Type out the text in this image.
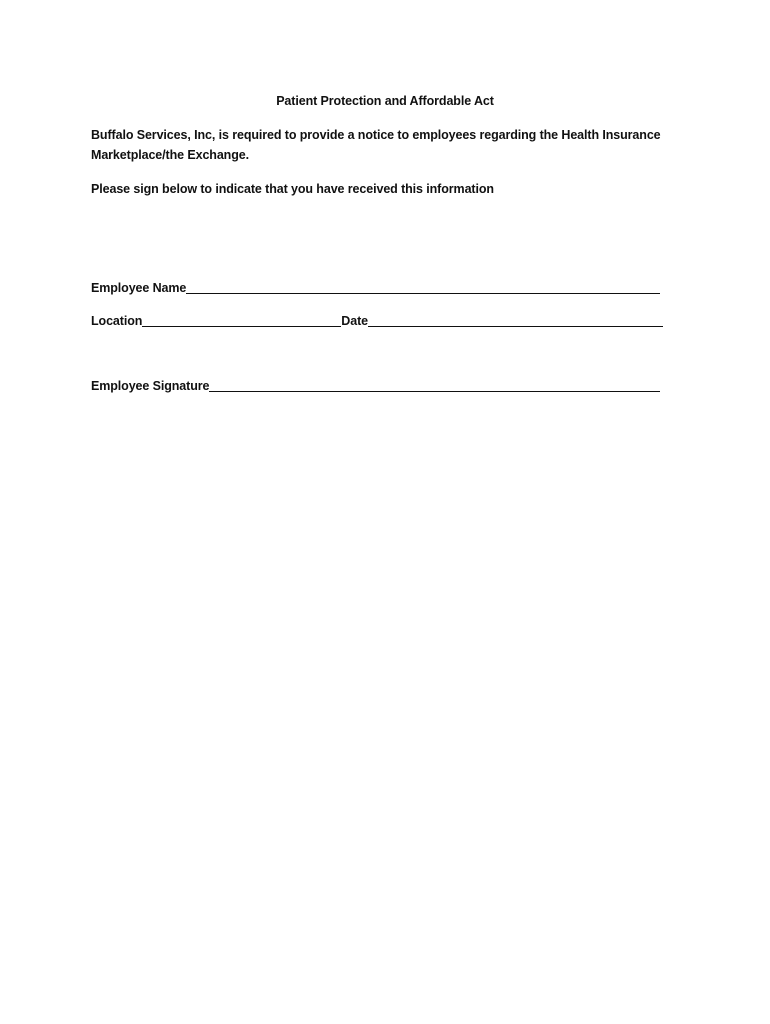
Patient Protection and Affordable Act
Buffalo Services, Inc, is required to provide a notice to employees regarding the Health Insurance Marketplace/the Exchange.
Please sign below to indicate that you have received this information
Employee Name
Location	Date
Employee Signature
